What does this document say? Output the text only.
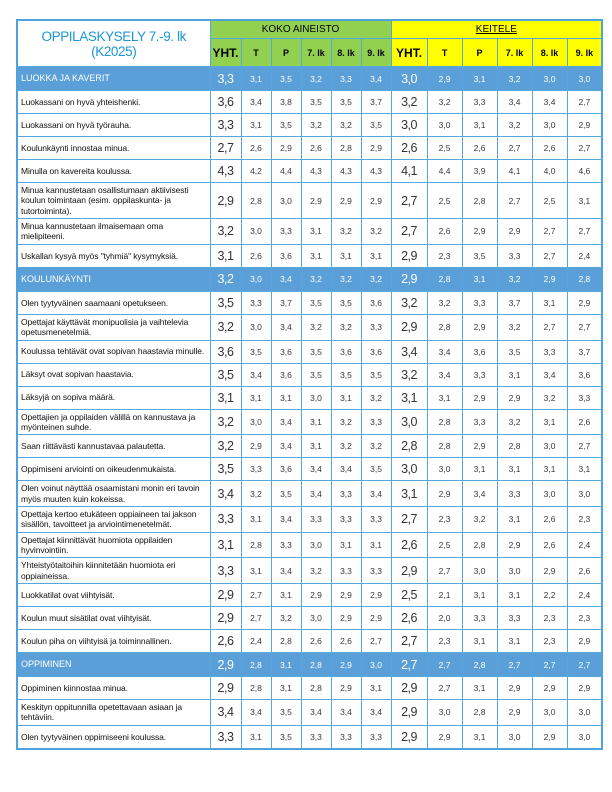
OPPILASKYSELY 7.-9. lk (K2025)	KOKO AINEISTO						KEITELE					
	YHT.	T	P	7. lk	8. lk	9. lk	YHT.	T	P	7. lk	8. lk	9. lk
LUOKKA JA KAVERIT	3,3	3,1	3,5	3,2	3,3	3,4	3,0	2,9	3,1	3,2	3,0	3,0
Luokassani on hyvä yhteishenki.	3,6	3,4	3,8	3,5	3,5	3,7	3,2	3,2	3,3	3,4	3,4	2,7
Luokassani on hyvä työrauha.	3,3	3,1	3,5	3,2	3,2	3,5	3,0	3,0	3,1	3,2	3,0	2,9
Koulunkäynti innostaa minua.	2,7	2,6	2,9	2,6	2,8	2,9	2,6	2,5	2,6	2,7	2,6	2,7
Minulla on kavereita koulussa.	4,3	4,2	4,4	4,3	4,3	4,3	4,1	4,4	3,9	4,1	4,0	4,6
Minua kannustetaan osallistumaan aktiivisesti koulun toimintaan (esim. oppilaskunta- ja tutortoiminta).	2,9	2,8	3,0	2,9	2,9	2,9	2,7	2,5	2,8	2,7	2,5	3,1
Minua kannustetaan ilmaisemaan oma mielipiteeni.	3,2	3,0	3,3	3,1	3,2	3,2	2,7	2,6	2,9	2,9	2,7	2,7
Uskallan kysyä myös "tyhmiä" kysymyksiä.	3,1	2,6	3,6	3,1	3,1	3,1	2,9	2,3	3,5	3,3	2,7	2,4
KOULUNKÄYNTI	3,2	3,0	3,4	3,2	3,2	3,2	2,9	2,8	3,1	3,2	2,9	2,8
Olen tyytyväinen saamaani opetukseen.	3,5	3,3	3,7	3,5	3,5	3,6	3,2	3,2	3,3	3,7	3,1	2,9
Opettajat käyttävät monipuolisia ja vaihtelevia opetusmenetelmiä.	3,2	3,0	3,4	3,2	3,2	3,3	2,9	2,8	2,9	3,2	2,7	2,7
Koulussa tehtävät ovat sopivan haastavia minulle.	3,6	3,5	3,6	3,5	3,6	3,6	3,4	3,4	3,6	3,5	3,3	3,7
Läksyt ovat sopivan haastavia.	3,5	3,4	3,6	3,5	3,5	3,5	3,2	3,4	3,3	3,1	3,4	3,6
Läksyjä on sopiva määrä.	3,1	3,1	3,1	3,0	3,1	3,2	3,1	3,1	2,9	2,9	3,2	3,3
Opettajien ja oppilaiden välillä on kannustava ja myönteinen suhde.	3,2	3,0	3,4	3,1	3,2	3,3	3,0	2,8	3,3	3,2	3,1	2,6
Saan riittävästi kannustavaa palautetta.	3,2	2,9	3,4	3,1	3,2	3,2	2,8	2,8	2,9	2,8	3,0	2,7
Oppimiseni arviointi on oikeudenmukaista.	3,5	3,3	3,6	3,4	3,4	3,5	3,0	3,0	3,1	3,1	3,1	3,1
Olen voinut näyttää osaamistani monin eri tavoin myös muuten kuin kokeissa.	3,4	3,2	3,5	3,4	3,3	3,4	3,1	2,9	3,4	3,3	3,0	3,0
Opettaja kertoo etukäteen oppiaineen tai jakson sisällön, tavoitteet ja arviointimenetelmät.	3,3	3,1	3,4	3,3	3,3	3,3	2,7	2,3	3,2	3,1	2,6	2,3
Opettajat kiinnittävät huomiota oppilaiden hyvinvointiin.	3,1	2,8	3,3	3,0	3,1	3,1	2,6	2,5	2,8	2,9	2,6	2,4
Yhteistyötaitoihin kiinnitetään huomiota eri oppiaineissa.	3,3	3,1	3,4	3,2	3,3	3,3	2,9	2,7	3,0	3,0	2,9	2,6
Luokkatilat ovat viihtyisät.	2,9	2,7	3,1	2,9	2,9	2,9	2,5	2,1	3,1	3,1	2,2	2,4
Koulun muut sisätilat ovat viihtyisät.	2,9	2,7	3,2	3,0	2,9	2,9	2,6	2,0	3,3	3,3	2,3	2,3
Koulun piha on viihtyisä ja toiminnallinen.	2,6	2,4	2,8	2,6	2,6	2,7	2,7	2,3	3,1	3,1	2,3	2,9
OPPIMINEN	2,9	2,8	3,1	2,8	2,9	3,0	2,7	2,7	2,8	2,7	2,7	2,7
Oppiminen kiinnostaa minua.	2,9	2,8	3,1	2,8	2,9	3,1	2,9	2,7	3,1	2,9	2,9	2,9
Keskityn oppitunnilla opetettavaan asiaan ja tehtäviin.	3,4	3,4	3,5	3,4	3,4	3,4	2,9	3,0	2,8	2,9	3,0	3,0
Olen tyytyväinen oppimiseeni koulussa.	3,3	3,1	3,5	3,3	3,3	3,3	2,9	2,9	3,1	3,0	2,9	3,0
